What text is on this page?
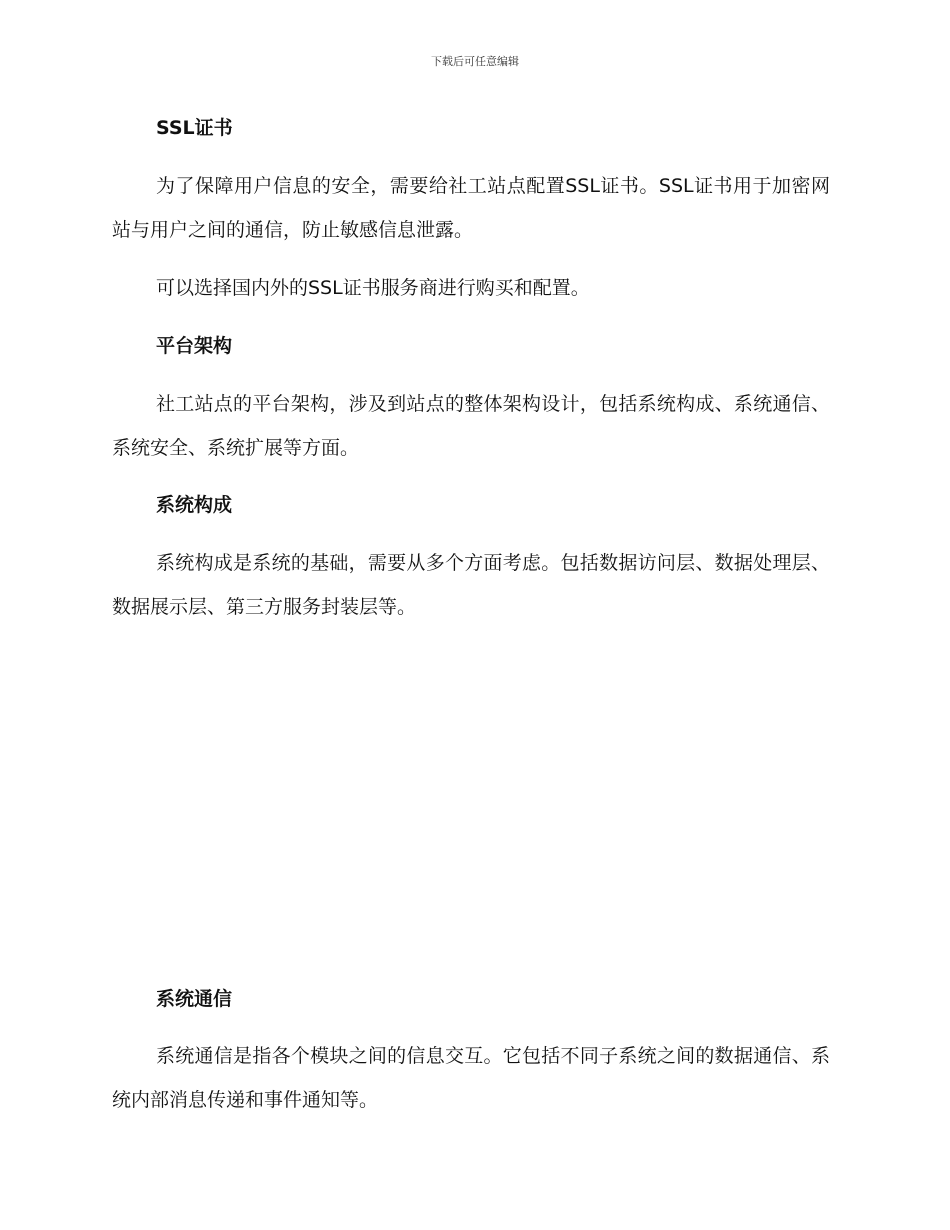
下载后可任意编辑
SSL证书

为了保障用户信息的安全，需要给社工站点配置SSL证书。SSL证书用于加密网站与用户之间的通信，防止敏感信息泄露。

可以选择国内外的SSL证书服务商进行购买和配置。

平台架构

社工站点的平台架构，涉及到站点的整体架构设计，包括系统构成、系统通信、系统安全、系统扩展等方面。

系统构成

系统构成是系统的基础，需要从多个方面考虑。包括数据访问层、数据处理层、数据展示层、第三方服务封装层等。

系统通信

系统通信是指各个模块之间的信息交互。它包括不同子系统之间的数据通信、系统内部消息传递和事件通知等。
